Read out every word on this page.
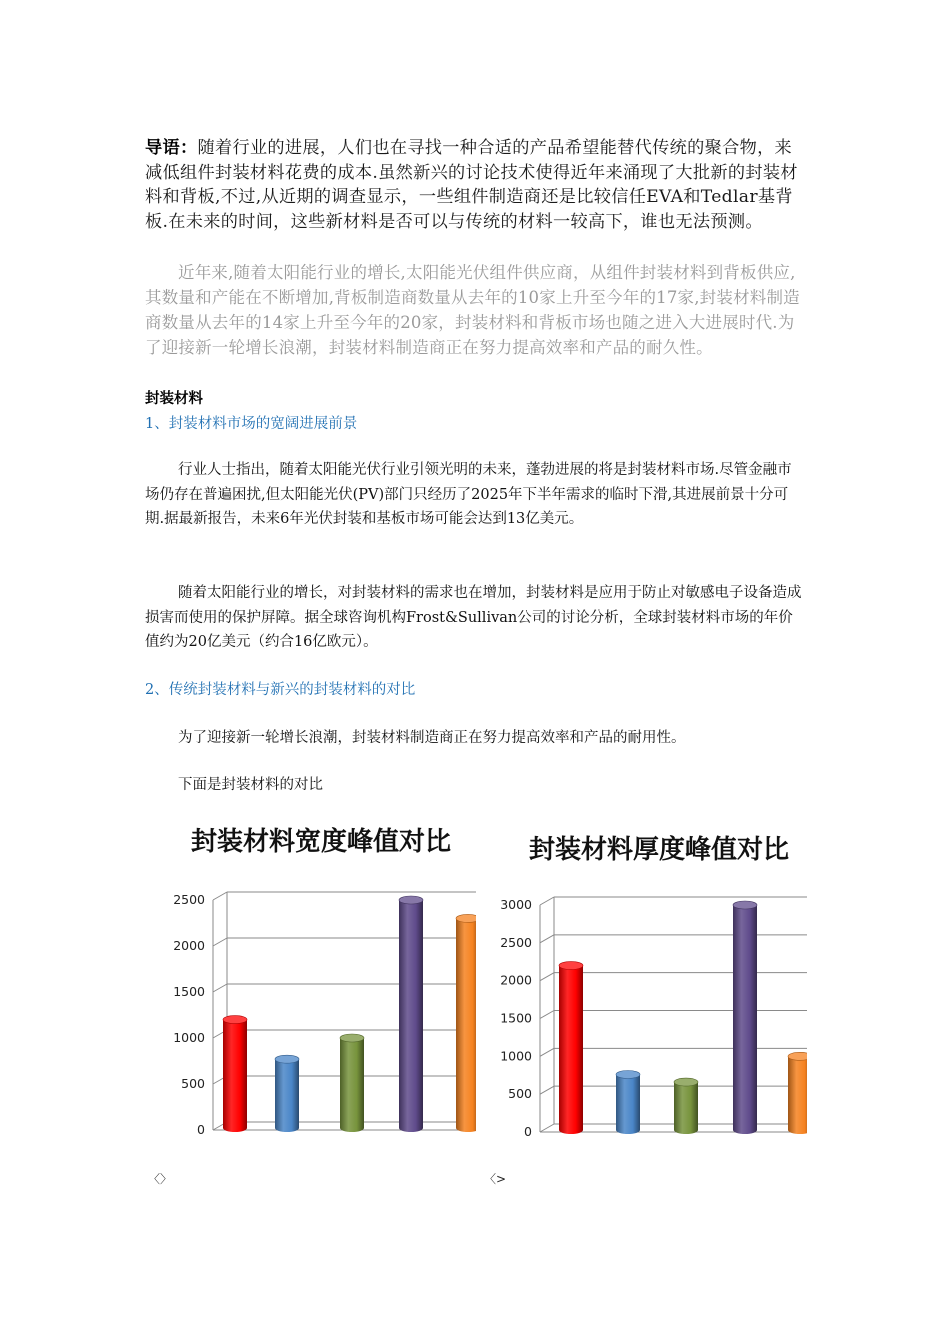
导语：随着行业的进展，人们也在寻找一种合适的产品希望能替代传统的聚合物，来减低组件封装材料花费的成本.虽然新兴的讨论技术使得近年来涌现了大批新的封装材料和背板,不过,从近期的调查显示，一些组件制造商还是比较信任EVA和Tedlar基背板.在未来的时间，这些新材料是否可以与传统的材料一较高下，谁也无法预测。
近年来,随着太阳能行业的增长,太阳能光伏组件供应商，从组件封装材料到背板供应,其数量和产能在不断增加,背板制造商数量从去年的10家上升至今年的17家,封装材料制造商数量从去年的14家上升至今年的20家，封装材料和背板市场也随之进入大进展时代.为了迎接新一轮增长浪潮，封装材料制造商正在努力提高效率和产品的耐久性。
封装材料
1、封装材料市场的宽阔进展前景
行业人士指出，随着太阳能光伏行业引领光明的未来，蓬勃进展的将是封装材料市场.尽管金融市场仍存在普遍困扰,但太阳能光伏(PV)部门只经历了2025年下半年需求的临时下滑,其进展前景十分可期.据最新报告，未来6年光伏封装和基板市场可能会达到13亿美元。
随着太阳能行业的增长，对封装材料的需求也在增加，封装材料是应用于防止对敏感电子设备造成损害而使用的保护屏障。据全球咨询机构Frost&Sullivan公司的讨论分析，全球封装材料市场的年价值约为20亿美元（约合16亿欧元）。
2、传统封装材料与新兴的封装材料的对比
为了迎接新一轮增长浪潮，封装材料制造商正在努力提高效率和产品的耐用性。
下面是封装材料的对比
封装材料宽度峰值对比
0
500
1000
1500
2000
2500
封装材料厚度峰值对比
0
500
1000
1500
2000
2500
3000
〈〉	〈>
